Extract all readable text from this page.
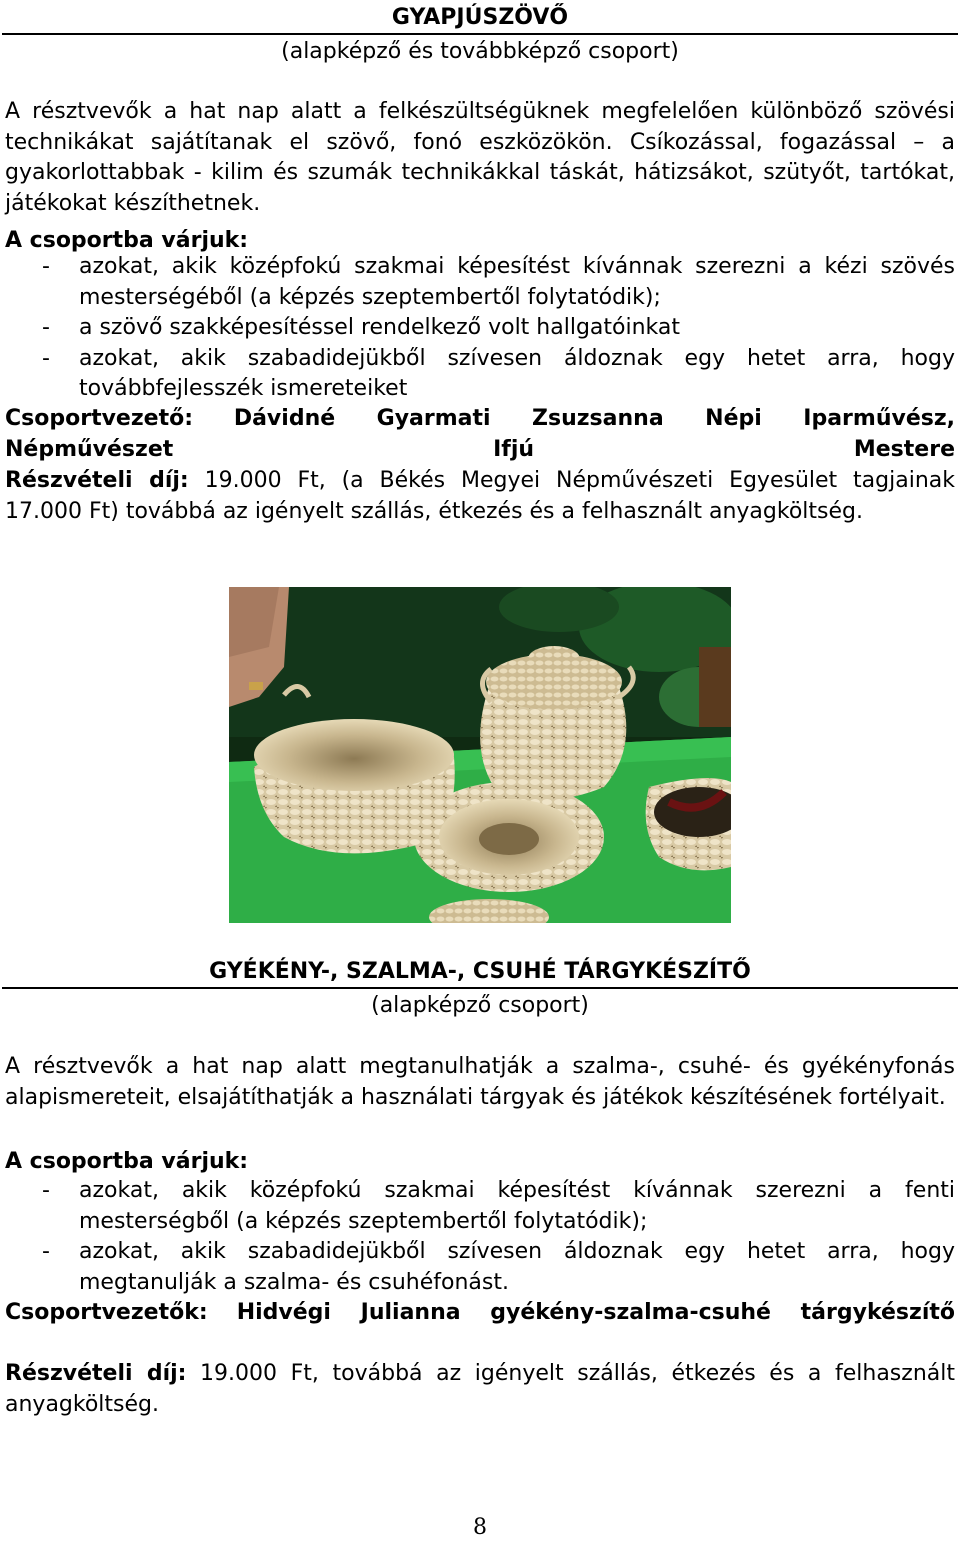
GYAPJÚSZÖVŐ
(alapképző és továbbképző csoport)
A résztvevők a hat nap alatt a felkészültségüknek megfelelően különböző szövési technikákat sajátítanak el szövő, fonó eszközökön. Csíkozással, fogazással – a gyakorlottabbak - kilim és szumák technikákkal táskát, hátizsákot, szütyőt, tartókat, játékokat készíthetnek.
A csoportba várjuk:
- azokat, akik középfokú szakmai képesítést kívánnak szerezni a kézi szövés mesterségéből (a képzés szeptembertől folytatódik);
- a szövő szakképesítéssel rendelkező volt hallgatóinkat
- azokat, akik szabadidejükből szívesen áldoznak egy hetet arra, hogy továbbfejlesszék ismereteiket
Csoportvezető: Dávidné Gyarmati Zsuzsanna Népi Iparművész, Népművészet Ifjú Mestere
Részvételi díj: 19.000 Ft, (a Békés Megyei Népművészeti Egyesület tagjainak 17.000 Ft) továbbá az igényelt szállás, étkezés és a felhasznált anyagköltség.
GYÉKÉNY-, SZALMA-, CSUHÉ TÁRGYKÉSZÍTŐ
(alapképző csoport)
A résztvevők a hat nap alatt megtanulhatják a szalma-, csuhé- és gyékényfonás alapismereteit, elsajátíthatják a használati tárgyak és játékok készítésének fortélyait.
A csoportba várjuk:
- azokat, akik középfokú szakmai képesítést kívánnak szerezni a fenti mesterségből (a képzés szeptembertől folytatódik);
- azokat, akik szabadidejükből szívesen áldoznak egy hetet arra, hogy megtanulják a szalma- és csuhéfonást.
Csoportvezetők: Hidvégi Julianna gyékény-szalma-csuhé tárgykészítő
Részvételi díj: 19.000 Ft, továbbá az igényelt szállás, étkezés és a felhasznált anyagköltség.
8
